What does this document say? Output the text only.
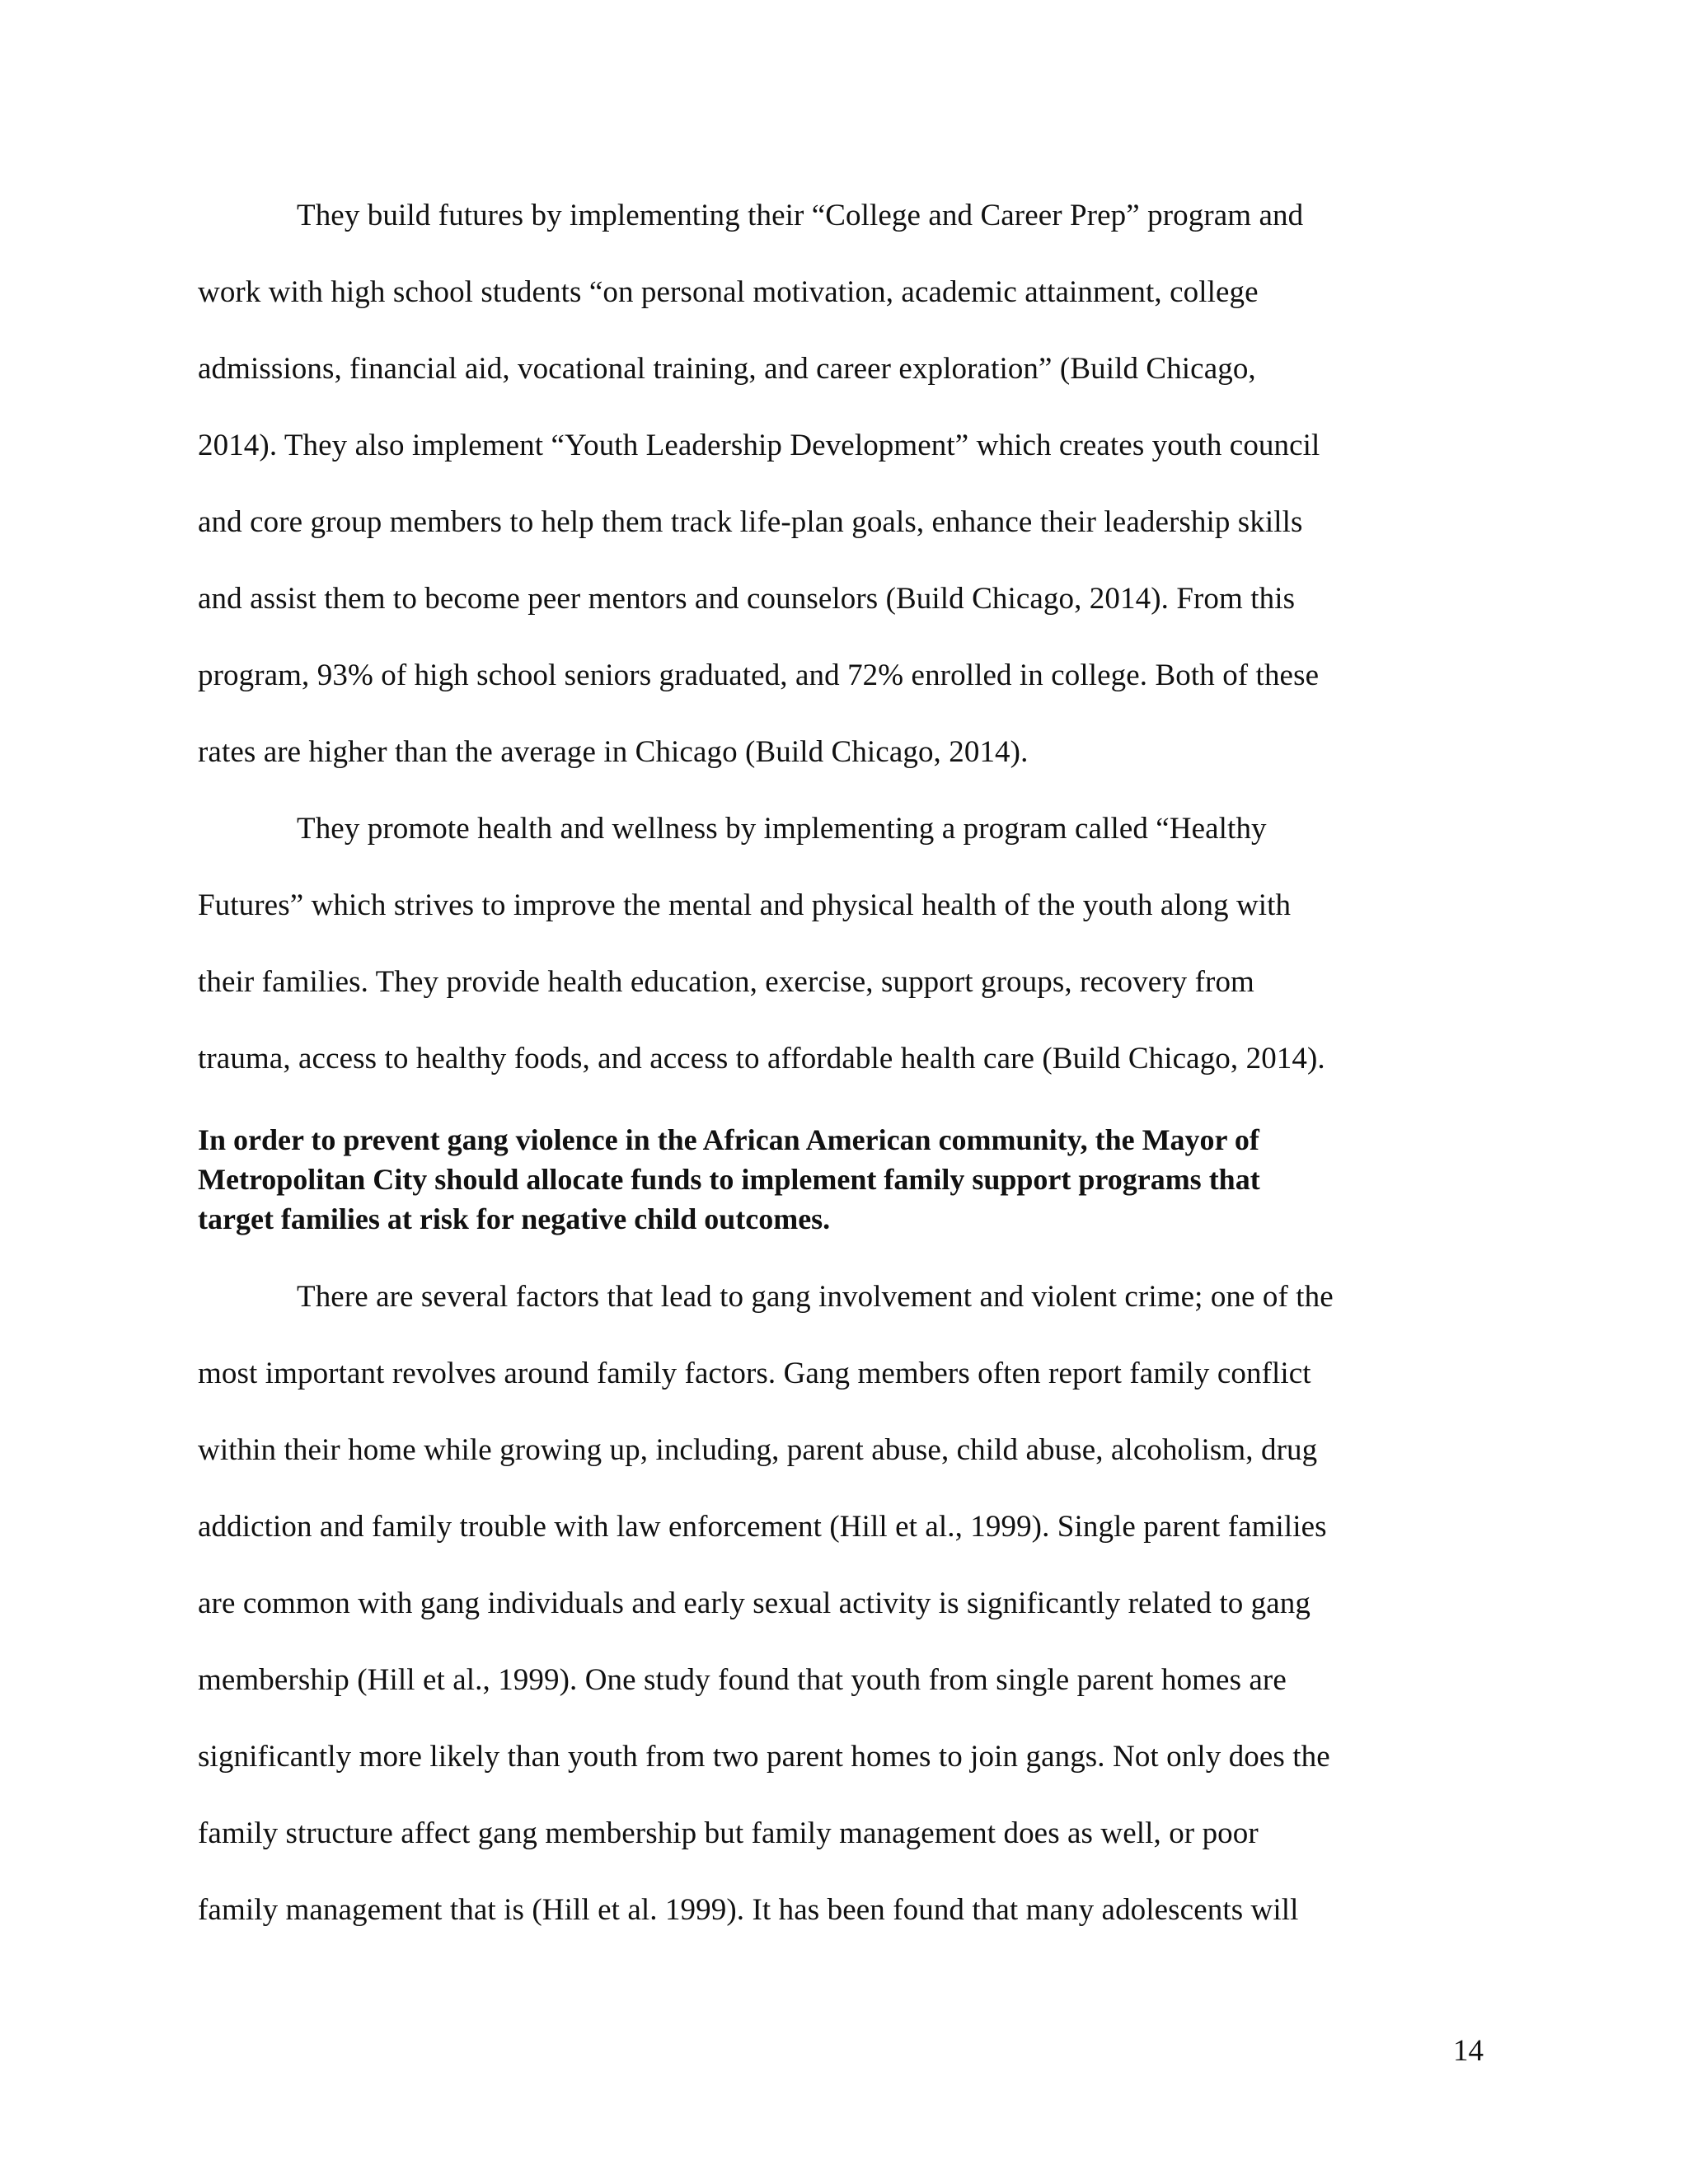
They build futures by implementing their “College and Career Prep” program and
work with high school students “on personal motivation, academic attainment, college
admissions, financial aid, vocational training, and career exploration” (Build Chicago,
2014). They also implement “Youth Leadership Development” which creates youth council
and core group members to help them track life-plan goals, enhance their leadership skills
and assist them to become peer mentors and counselors (Build Chicago, 2014). From this
program, 93% of high school seniors graduated, and 72% enrolled in college. Both of these
rates are higher than the average in Chicago (Build Chicago, 2014).
They promote health and wellness by implementing a program called “Healthy
Futures” which strives to improve the mental and physical health of the youth along with
their families. They provide health education, exercise, support groups, recovery from
trauma, access to healthy foods, and access to affordable health care (Build Chicago, 2014).
In order to prevent gang violence in the African American community, the Mayor of
Metropolitan City should allocate funds to implement family support programs that
target families at risk for negative child outcomes.
There are several factors that lead to gang involvement and violent crime; one of the
most important revolves around family factors. Gang members often report family conflict
within their home while growing up, including, parent abuse, child abuse, alcoholism, drug
addiction and family trouble with law enforcement (Hill et al., 1999). Single parent families
are common with gang individuals and early sexual activity is significantly related to gang
membership (Hill et al., 1999). One study found that youth from single parent homes are
significantly more likely than youth from two parent homes to join gangs. Not only does the
family structure affect gang membership but family management does as well, or poor
family management that is (Hill et al. 1999). It has been found that many adolescents will
14
